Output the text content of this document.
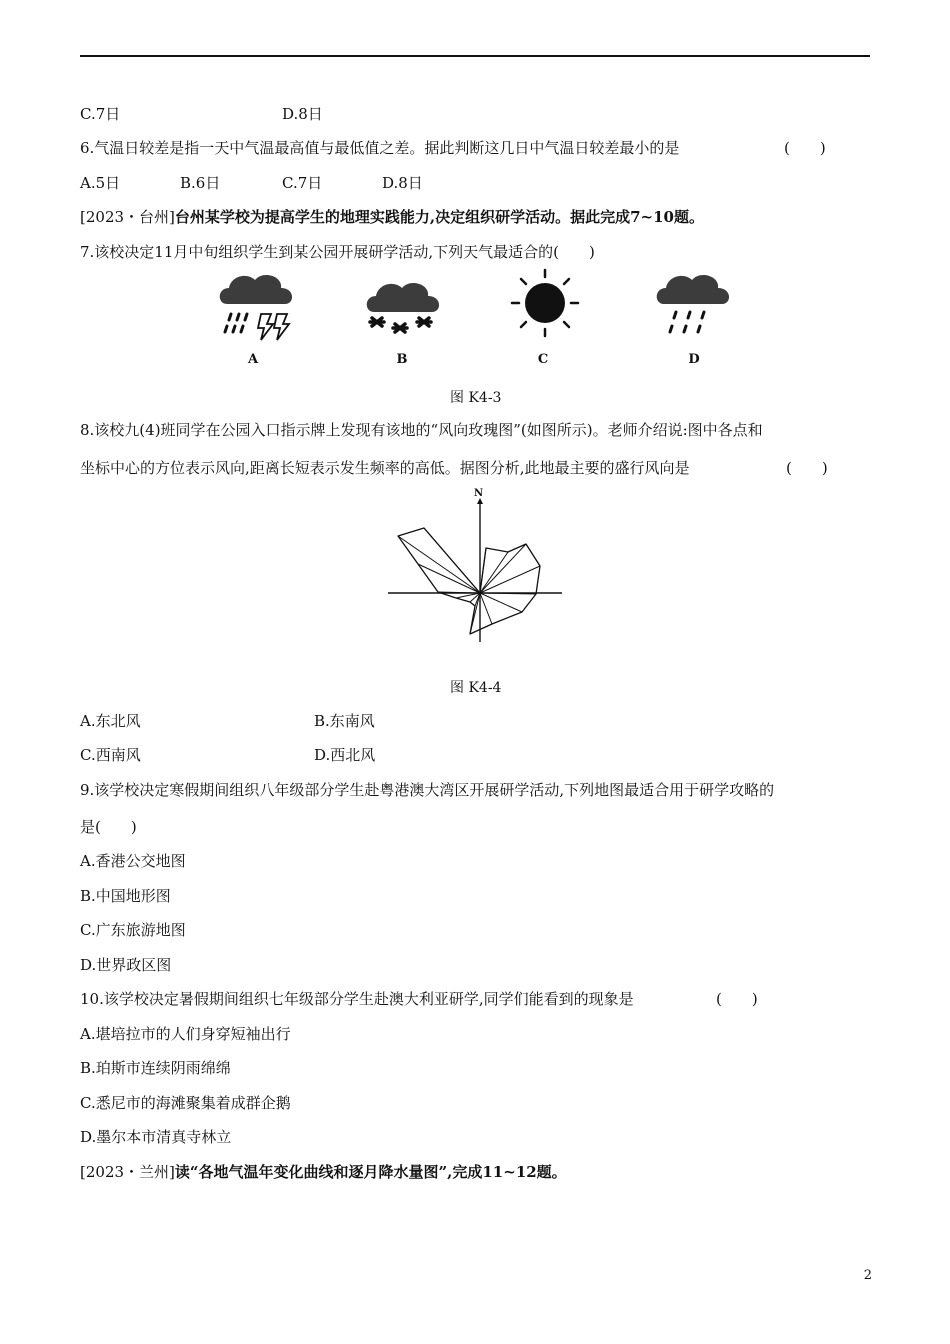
C.7日	D.8日
6.气温日较差是指一天中气温最高值与最低值之差。据此判断这几日中气温日较差最小的是	(　　)
A.5日	B.6日	C.7日	D.8日
[2023・台州]台州某学校为提高学生的地理实践能力,决定组织研学活动。据此完成7~10题。
7.该校决定11月中旬组织学生到某公园开展研学活动,下列天气最适合的(　　)
A	B	C	D
图 K4-3
8.该校九(4)班同学在公园入口指示牌上发现有该地的“风向玫瑰图”(如图所示)。老师介绍说:图中各点和
坐标中心的方位表示风向,距离长短表示发生频率的高低。据图分析,此地最主要的盛行风向是	(　　)
N
图 K4-4
A.东北风	B.东南风
C.西南风	D.西北风
9.该学校决定寒假期间组织八年级部分学生赴粤港澳大湾区开展研学活动,下列地图最适合用于研学攻略的
是(　　)
A.香港公交地图
B.中国地形图
C.广东旅游地图
D.世界政区图
10.该学校决定暑假期间组织七年级部分学生赴澳大利亚研学,同学们能看到的现象是	(　　)
A.堪培拉市的人们身穿短袖出行
B.珀斯市连续阴雨绵绵
C.悉尼市的海滩聚集着成群企鹅
D.墨尔本市清真寺林立
[2023・兰州]读“各地气温年变化曲线和逐月降水量图”,完成11~12题。
2
